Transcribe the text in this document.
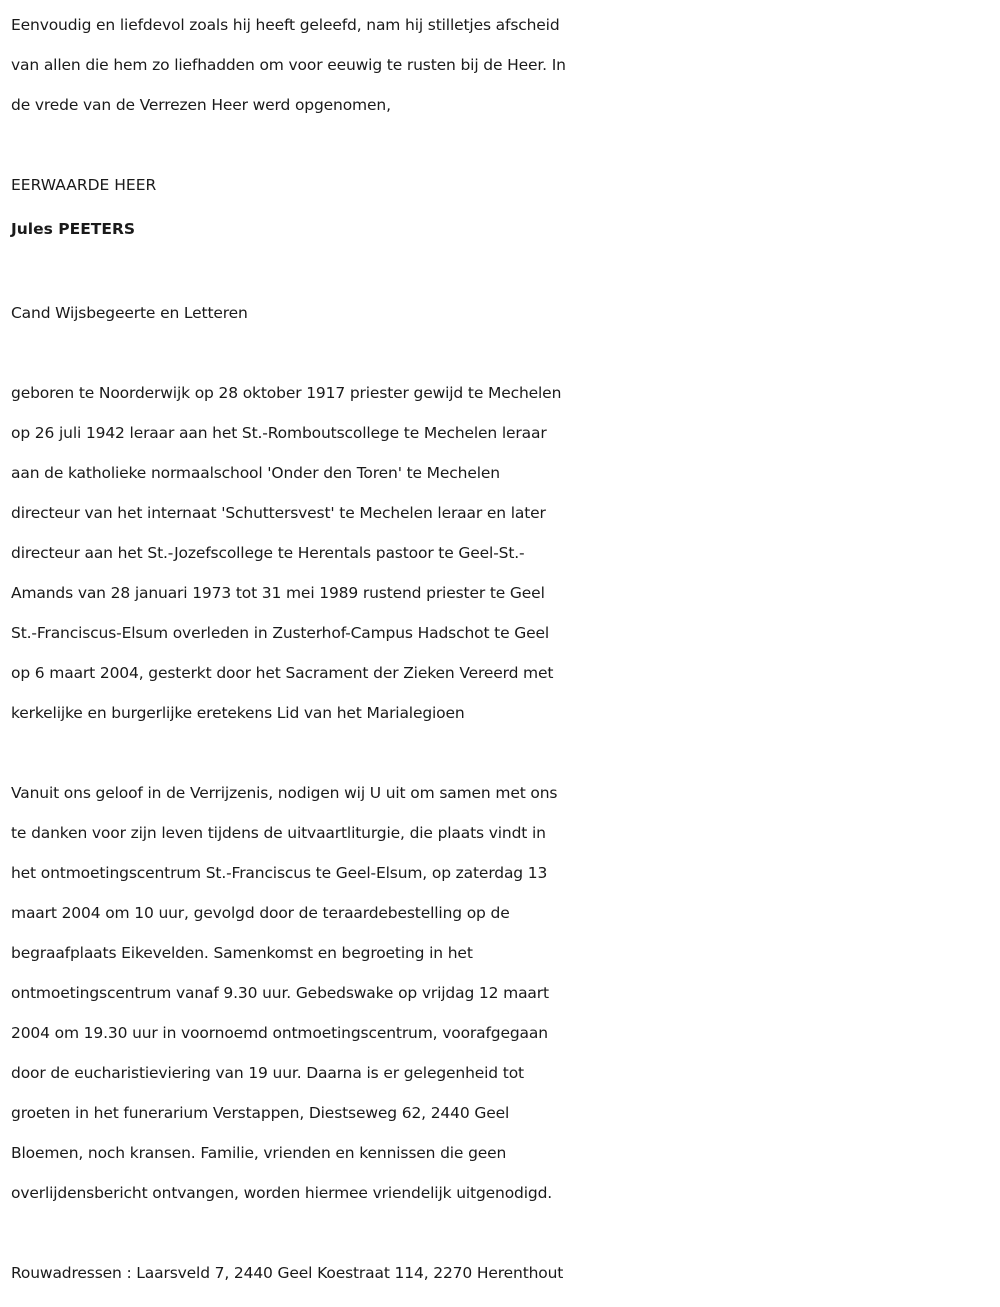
Eenvoudig en liefdevol zoals hij heeft geleefd, nam hij stilletjes afscheid
van allen die hem zo liefhadden om voor eeuwig te rusten bij de Heer. In
de vrede van de Verrezen Heer werd opgenomen,
EERWAARDE HEER
Jules PEETERS
Cand Wijsbegeerte en Letteren
geboren te Noorderwijk op 28 oktober 1917 priester gewijd te Mechelen
op 26 juli 1942 leraar aan het St.-Romboutscollege te Mechelen leraar
aan de katholieke normaalschool 'Onder den Toren' te Mechelen
directeur van het internaat 'Schuttersvest' te Mechelen leraar en later
directeur aan het St.-Jozefscollege te Herentals pastoor te Geel-St.-
Amands van 28 januari 1973 tot 31 mei 1989 rustend priester te Geel
St.-Franciscus-Elsum overleden in Zusterhof-Campus Hadschot te Geel
op 6 maart 2004, gesterkt door het Sacrament der Zieken Vereerd met
kerkelijke en burgerlijke eretekens Lid van het Marialegioen
Vanuit ons geloof in de Verrijzenis, nodigen wij U uit om samen met ons
te danken voor zijn leven tijdens de uitvaartliturgie, die plaats vindt in
het ontmoetingscentrum St.-Franciscus te Geel-Elsum, op zaterdag 13
maart 2004 om 10 uur, gevolgd door de teraardebestelling op de
begraafplaats Eikevelden. Samenkomst en begroeting in het
ontmoetingscentrum vanaf 9.30 uur. Gebedswake op vrijdag 12 maart
2004 om 19.30 uur in voornoemd ontmoetingscentrum, voorafgegaan
door de eucharistieviering van 19 uur. Daarna is er gelegenheid tot
groeten in het funerarium Verstappen, Diestseweg 62, 2440 Geel
Bloemen, noch kransen. Familie, vrienden en kennissen die geen
overlijdensbericht ontvangen, worden hiermee vriendelijk uitgenodigd.
Rouwadressen : Laarsveld 7, 2440 Geel Koestraat 114, 2270 Herenthout
